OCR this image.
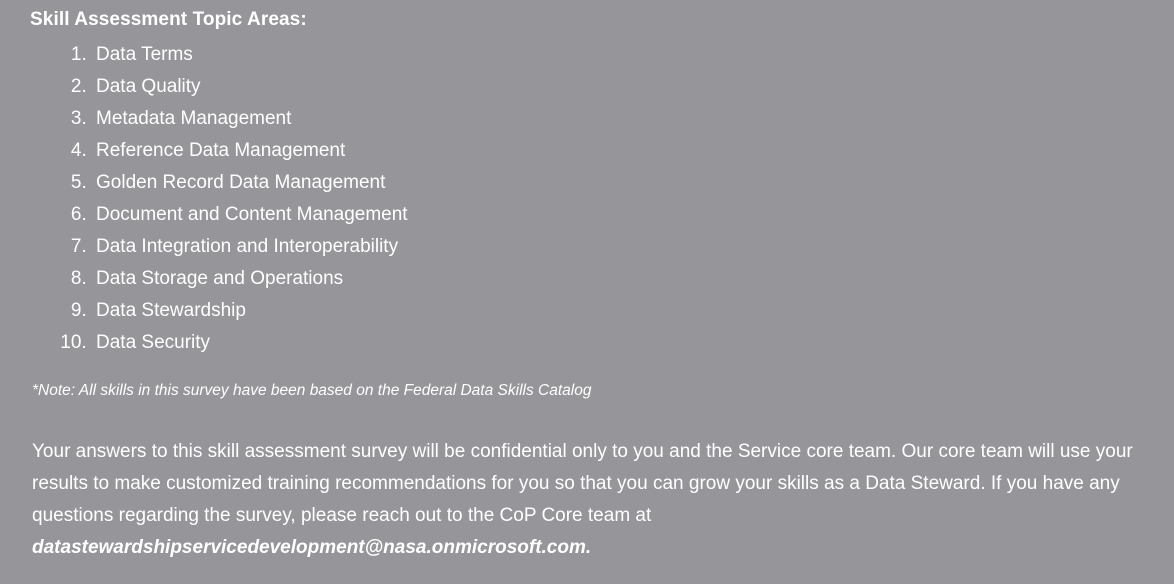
Skill Assessment Topic Areas:
1. Data Terms
2. Data Quality
3. Metadata Management
4. Reference Data Management
5. Golden Record Data Management
6. Document and Content Management
7. Data Integration and Interoperability
8. Data Storage and Operations
9. Data Stewardship
10. Data Security

*Note: All skills in this survey have been based on the Federal Data Skills Catalog

Your answers to this skill assessment survey will be confidential only to you and the Service core team. Our core team will use your results to make customized training recommendations for you so that you can grow your skills as a Data Steward. If you have any questions regarding the survey, please reach out to the CoP Core team at datastewardshipservicedevelopment@nasa.onmicrosoft.com.
